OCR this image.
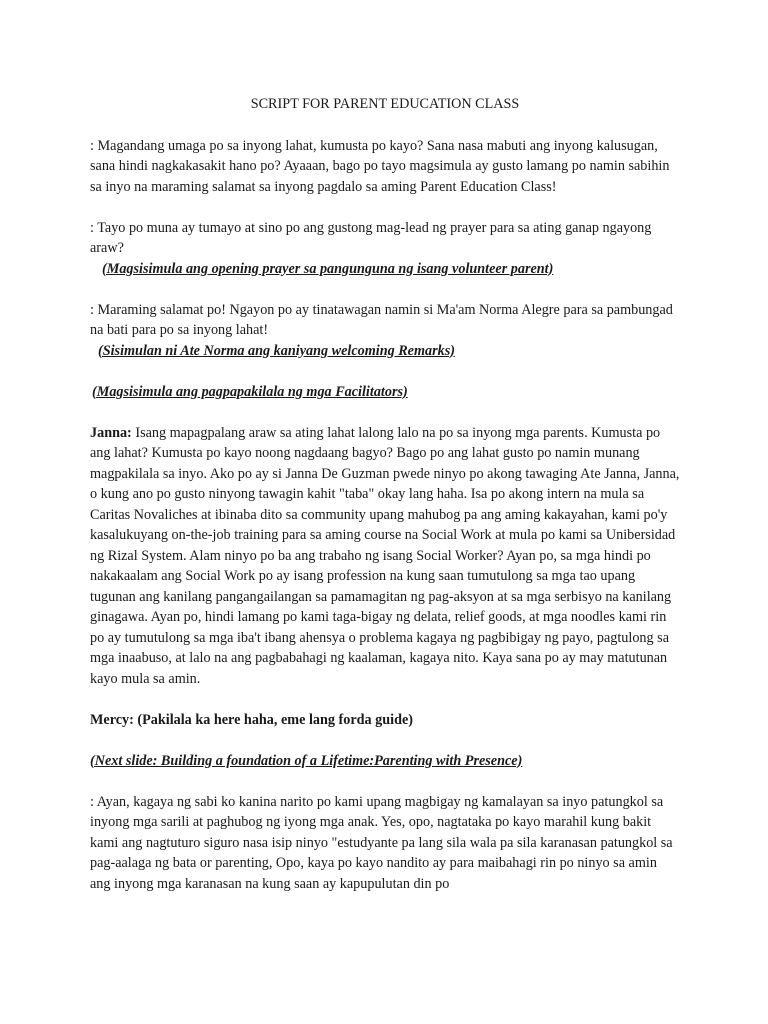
SCRIPT FOR PARENT EDUCATION CLASS

: Magandang umaga po sa inyong lahat, kumusta po kayo? Sana nasa mabuti ang inyong kalusugan, sana hindi nagkakasakit hano po? Ayaaan, bago po tayo magsimula ay gusto lamang po namin sabihin sa inyo na maraming salamat sa inyong pagdalo sa aming Parent Education Class!

: Tayo po muna ay tumayo at sino po ang gustong mag-lead ng prayer para sa ating ganap ngayong araw?
(Magsisimula ang opening prayer sa pangunguna ng isang volunteer parent)

: Maraming salamat po! Ngayon po ay tinatawagan namin si Ma'am Norma Alegre para sa pambungad na bati para po sa inyong lahat!
(Sisimulan ni Ate Norma ang kaniyang welcoming Remarks)

(Magsisimula ang pagpapakilala ng mga Facilitators)

Janna: Isang mapagpalang araw sa ating lahat lalong lalo na po sa inyong mga parents. Kumusta po ang lahat? Kumusta po kayo noong nagdaang bagyo? Bago po ang lahat gusto po namin munang magpakilala sa inyo. Ako po ay si Janna De Guzman pwede ninyo po akong tawaging Ate Janna, Janna, o kung ano po gusto ninyong tawagin kahit "taba" okay lang haha. Isa po akong intern na mula sa Caritas Novaliches at ibinaba dito sa community upang mahubog pa ang aming kakayahan, kami po'y kasalukuyang on-the-job training para sa aming course na Social Work at mula po kami sa Unibersidad ng Rizal System. Alam ninyo po ba ang trabaho ng isang Social Worker? Ayan po, sa mga hindi po nakakaalam ang Social Work po ay isang profession na kung saan tumutulong sa mga tao upang tugunan ang kanilang pangangailangan sa pamamagitan ng pag-aksyon at sa mga serbisyo na kanilang ginagawa. Ayan po, hindi lamang po kami taga-bigay ng delata, relief goods, at mga noodles kami rin po ay tumutulong sa mga iba't ibang ahensya o problema kagaya ng pagbibigay ng payo, pagtulong sa mga inaabuso, at lalo na ang pagbabahagi ng kaalaman, kagaya nito. Kaya sana po ay may matutunan kayo mula sa amin.

Mercy: (Pakilala ka here haha, eme lang forda guide)

(Next slide: Building a foundation of a Lifetime:Parenting with Presence)

: Ayan, kagaya ng sabi ko kanina narito po kami upang magbigay ng kamalayan sa inyo patungkol sa inyong mga sarili at paghubog ng iyong mga anak. Yes, opo, nagtataka po kayo marahil kung bakit kami ang nagtuturo siguro nasa isip ninyo "estudyante pa lang sila wala pa sila karanasan patungkol sa pag-aalaga ng bata or parenting, Opo, kaya po kayo nandito ay para maibahagi rin po ninyo sa amin ang inyong mga karanasan na kung saan ay kapupulutan din po
